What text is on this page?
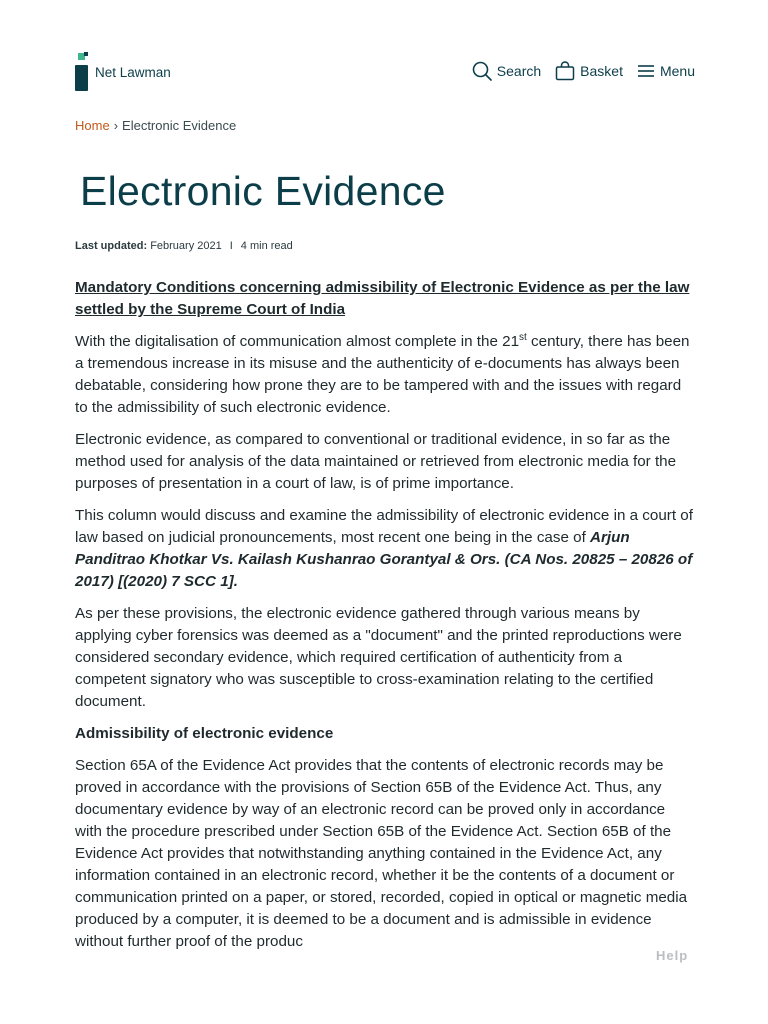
Net Lawman	Search	Basket	Menu
Home › Electronic Evidence
Electronic Evidence
Last updated: February 2021 I 4 min read

Mandatory Conditions concerning admissibility of Electronic Evidence as per the law settled by the Supreme Court of India

With the digitalisation of communication almost complete in the 21st century, there has been a tremendous increase in its misuse and the authenticity of e-documents has always been debatable, considering how prone they are to be tampered with and the issues with regard to the admissibility of such electronic evidence.

Electronic evidence, as compared to conventional or traditional evidence, in so far as the method used for analysis of the data maintained or retrieved from electronic media for the purposes of presentation in a court of law, is of prime importance.

This column would discuss and examine the admissibility of electronic evidence in a court of law based on judicial pronouncements, most recent one being in the case of Arjun Panditrao Khotkar Vs. Kailash Kushanrao Gorantyal & Ors. (CA Nos. 20825 – 20826 of 2017) [(2020) 7 SCC 1].

As per these provisions, the electronic evidence gathered through various means by applying cyber forensics was deemed as a "document" and the printed reproductions were considered secondary evidence, which required certification of authenticity from a competent signatory who was susceptible to cross-examination relating to the certified document.

Admissibility of electronic evidence

Section 65A of the Evidence Act provides that the contents of electronic records may be proved in accordance with the provisions of Section 65B of the Evidence Act. Thus, any documentary evidence by way of an electronic record can be proved only in accordance with the procedure prescribed under Section 65B of the Evidence Act. Section 65B of the Evidence Act provides that notwithstanding anything contained in the Evidence Act, any information contained in an electronic record, whether it be the contents of a document or communication printed on a paper, or stored, recorded, copied in optical or magnetic media produced by a computer, it is deemed to be a document and is admissible in evidence without further proof of the produc

Help
